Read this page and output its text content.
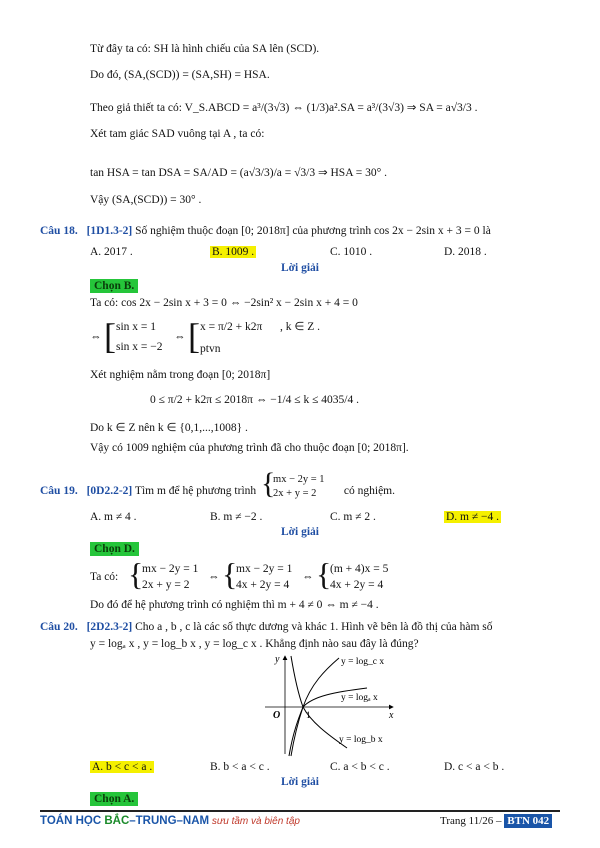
Từ đây ta có: SH là hình chiếu của SA lên (SCD).
Do đó, (SA,(SCD)) = (SA,SH) = HSA.
Theo giả thiết ta có: V_S.ABCD = a³/(3√3) ⇔ (1/3)a².SA = a³/(3√3) ⇒ SA = a√3/3 .
Xét tam giác SAD vuông tại A , ta có:
tan HSA = tan DSA = SA/AD = (a√3/3)/a = √3/3 ⇒ HSA = 30° .
Vậy (SA,(SCD)) = 30° .
Câu 18. [1D1.3-2] Số nghiệm thuộc đoạn [0; 2018π] của phương trình cos 2x − 2sin x + 3 = 0 là
A. 2017 .	B. 1009 .	C. 1010 .	D. 2018 .
Lời giải
Chọn B.
Ta có: cos 2x − 2sin x + 3 = 0 ⇔ −2sin² x − 2sin x + 4 = 0
⇔ [ sin x = 1
sin x = −2
⇔ [ x = π/2 + k2π
ptvn
, k ∈ Z .
Xét nghiệm nằm trong đoạn [0; 2018π]
0 ≤ π/2 + k2π ≤ 2018π ⇔ −1/4 ≤ k ≤ 4035/4 .
Do k ∈ Z nên k ∈ {0,1,...,1008} .
Vậy có 1009 nghiệm của phương trình đã cho thuộc đoạn [0; 2018π].
Câu 19. [0D2.2-2] Tìm m để hệ phương trình {
mx − 2y = 1
2x + y = 2 có nghiệm.
A. m ≠ 4 .	B. m ≠ −2 .	C. m ≠ 2 .	D. m ≠ −4 .
Lời giải
Chọn D.
Ta có: {
mx − 2y = 1
2x + y = 2
⇔ {
mx − 2y = 1
4x + 2y = 4
⇔ {
(m + 4)x = 5
4x + 2y = 4
Do đó để hệ phương trình có nghiệm thì m + 4 ≠ 0 ⇔ m ≠ −4 .
Câu 20. [2D2.3-2] Cho a , b , c là các số thực dương và khác 1. Hình vẽ bên là đồ thị của hàm số
y = logₐ x , y = log_b x , y = log_c x . Khẳng định nào sau đây là đúng?
y
x
O	1
y = log_c x
y = logₐ x
y = log_b x
A. b < c < a .	B. b < a < c .	C. a < b < c .	D. c < a < b .
Lời giải
Chọn A.
TOÁN HỌC BẮC–TRUNG–NAM sưu tầm và biên tập	Trang 11/26 – BTN 042
